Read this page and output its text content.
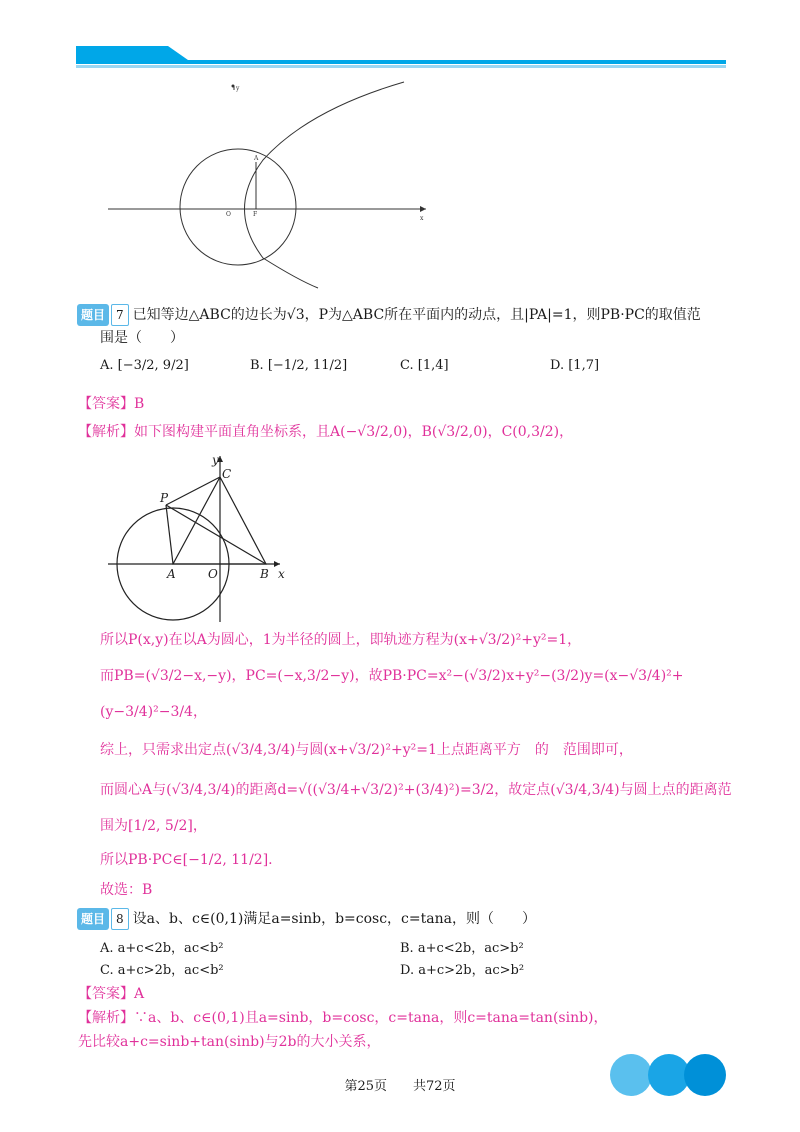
y
O	F
A
x
题目 7 已知等边△ABC的边长为√3，P为△ABC所在平面内的动点，且|PA|=1，则PB·PC的取值范
围是（　　）
A. [−3/2, 9/2]	B. [−1/2, 11/2]	C. [1,4]	D. [1,7]
【答案】B
【解析】如下图构建平面直角坐标系，且A(−√3/2,0)，B(√3/2,0)，C(0,3/2)，
y
C
P
A	O	B x
所以P(x,y)在以A为圆心，1为半径的圆上，即轨迹方程为(x+√3/2)²+y²=1，
而PB=(√3/2−x,−y)，PC=(−x,3/2−y)，故PB·PC=x²−(√3/2)x+y²−(3/2)y=(x−√3/4)²+
(y−3/4)²−3/4，
综上，只需求出定点(√3/4,3/4)与圆(x+√3/2)²+y²=1上点距离平方　的　范围即可，
而圆心A与(√3/4,3/4)的距离d=√((√3/4+√3/2)²+(3/4)²)=3/2，故定点(√3/4,3/4)与圆上点的距离范
围为[1/2, 5/2]，
所以PB·PC∈[−1/2, 11/2].
故选：B
题目 8 设a、b、c∈(0,1)满足a=sinb，b=cosc，c=tana，则（　　）
A. a+c<2b，ac<b²	B. a+c<2b，ac>b²
C. a+c>2b，ac<b²	D. a+c>2b，ac>b²
【答案】A
【解析】∵a、b、c∈(0,1)且a=sinb，b=cosc，c=tana，则c=tana=tan(sinb)，
先比较a+c=sinb+tan(sinb)与2b的大小关系，
第25页　　共72页
